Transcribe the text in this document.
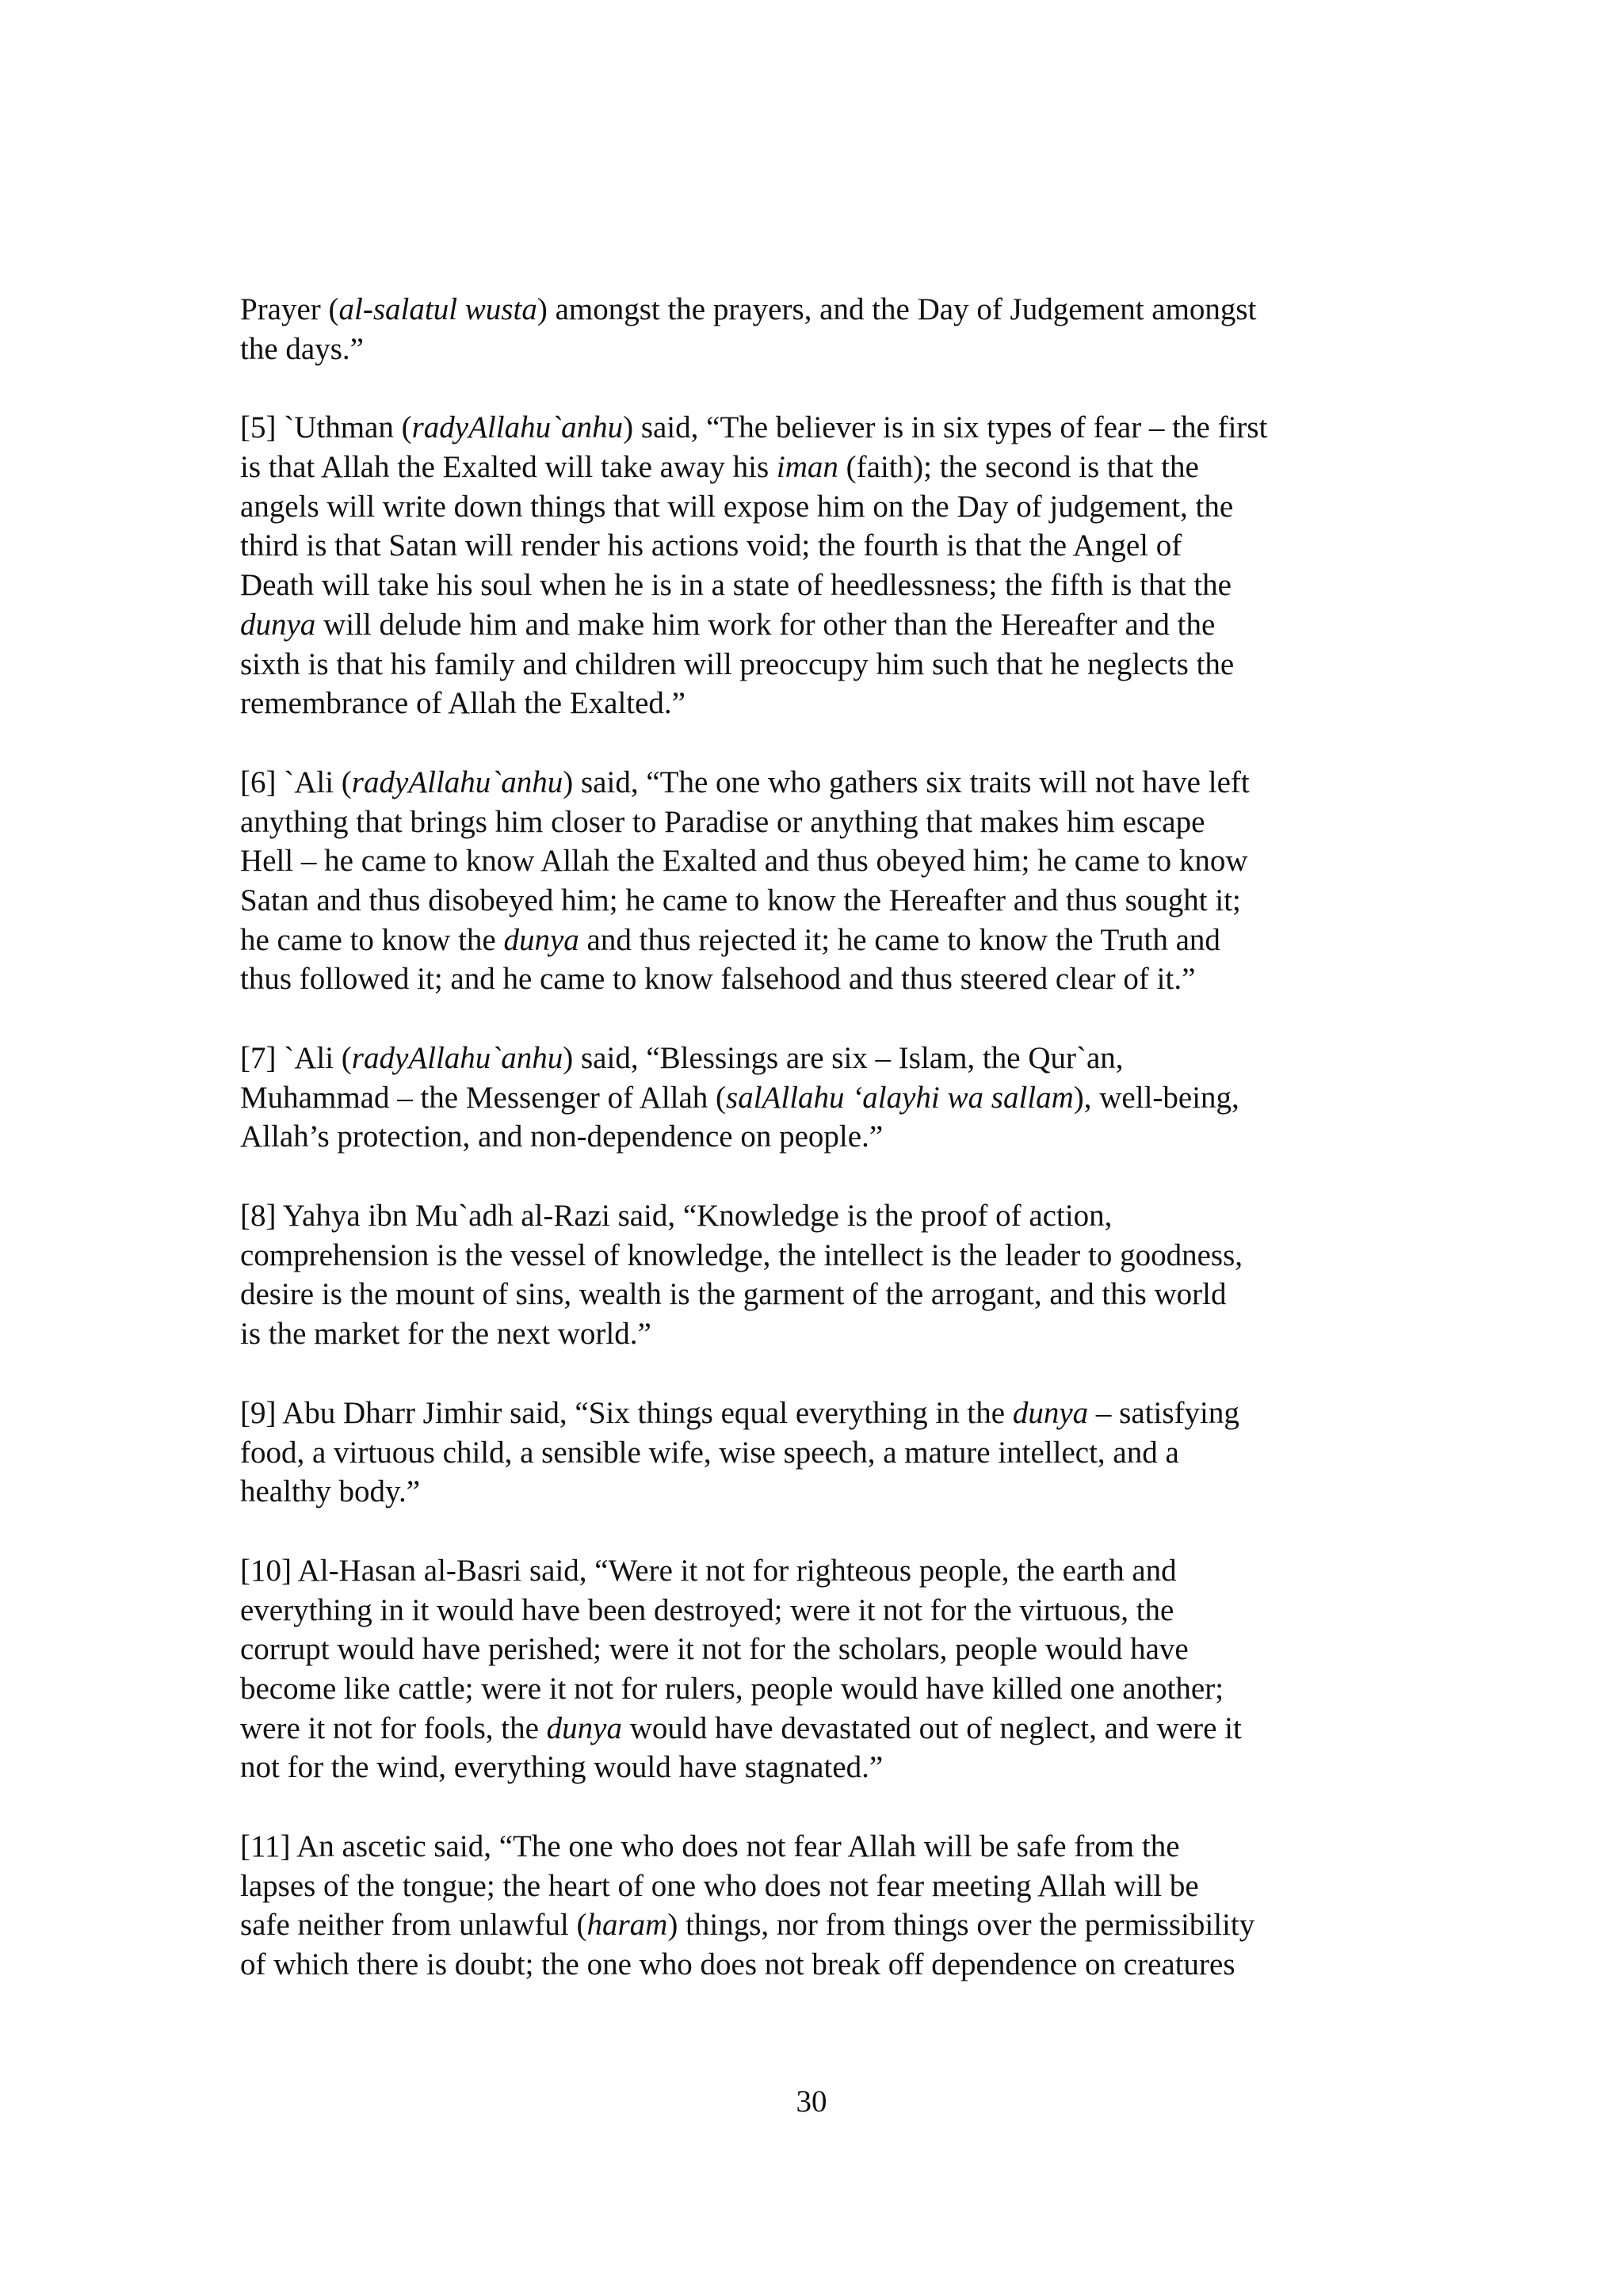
Prayer (al-salatul wusta) amongst the prayers, and the Day of Judgement amongst
the days.”

[5] `Uthman (radyAllahu`anhu) said, “The believer is in six types of fear – the first
is that Allah the Exalted will take away his iman (faith); the second is that the
angels will write down things that will expose him on the Day of judgement, the
third is that Satan will render his actions void; the fourth is that the Angel of
Death will take his soul when he is in a state of heedlessness; the fifth is that the
dunya will delude him and make him work for other than the Hereafter and the
sixth is that his family and children will preoccupy him such that he neglects the
remembrance of Allah the Exalted.”

[6] `Ali (radyAllahu`anhu) said, “The one who gathers six traits will not have left
anything that brings him closer to Paradise or anything that makes him escape
Hell – he came to know Allah the Exalted and thus obeyed him; he came to know
Satan and thus disobeyed him; he came to know the Hereafter and thus sought it;
he came to know the dunya and thus rejected it; he came to know the Truth and
thus followed it; and he came to know falsehood and thus steered clear of it.”

[7] `Ali (radyAllahu`anhu) said, “Blessings are six – Islam, the Qur`an,
Muhammad – the Messenger of Allah (salAllahu ‘alayhi wa sallam), well-being,
Allah’s protection, and non-dependence on people.”

[8] Yahya ibn Mu`adh al-Razi said, “Knowledge is the proof of action,
comprehension is the vessel of knowledge, the intellect is the leader to goodness,
desire is the mount of sins, wealth is the garment of the arrogant, and this world
is the market for the next world.”

[9] Abu Dharr Jimhir said, “Six things equal everything in the dunya – satisfying
food, a virtuous child, a sensible wife, wise speech, a mature intellect, and a
healthy body.”

[10] Al-Hasan al-Basri said, “Were it not for righteous people, the earth and
everything in it would have been destroyed; were it not for the virtuous, the
corrupt would have perished; were it not for the scholars, people would have
become like cattle; were it not for rulers, people would have killed one another;
were it not for fools, the dunya would have devastated out of neglect, and were it
not for the wind, everything would have stagnated.”

[11] An ascetic said, “The one who does not fear Allah will be safe from the
lapses of the tongue; the heart of one who does not fear meeting Allah will be
safe neither from unlawful (haram) things, nor from things over the permissibility
of which there is doubt; the one who does not break off dependence on creatures

30
